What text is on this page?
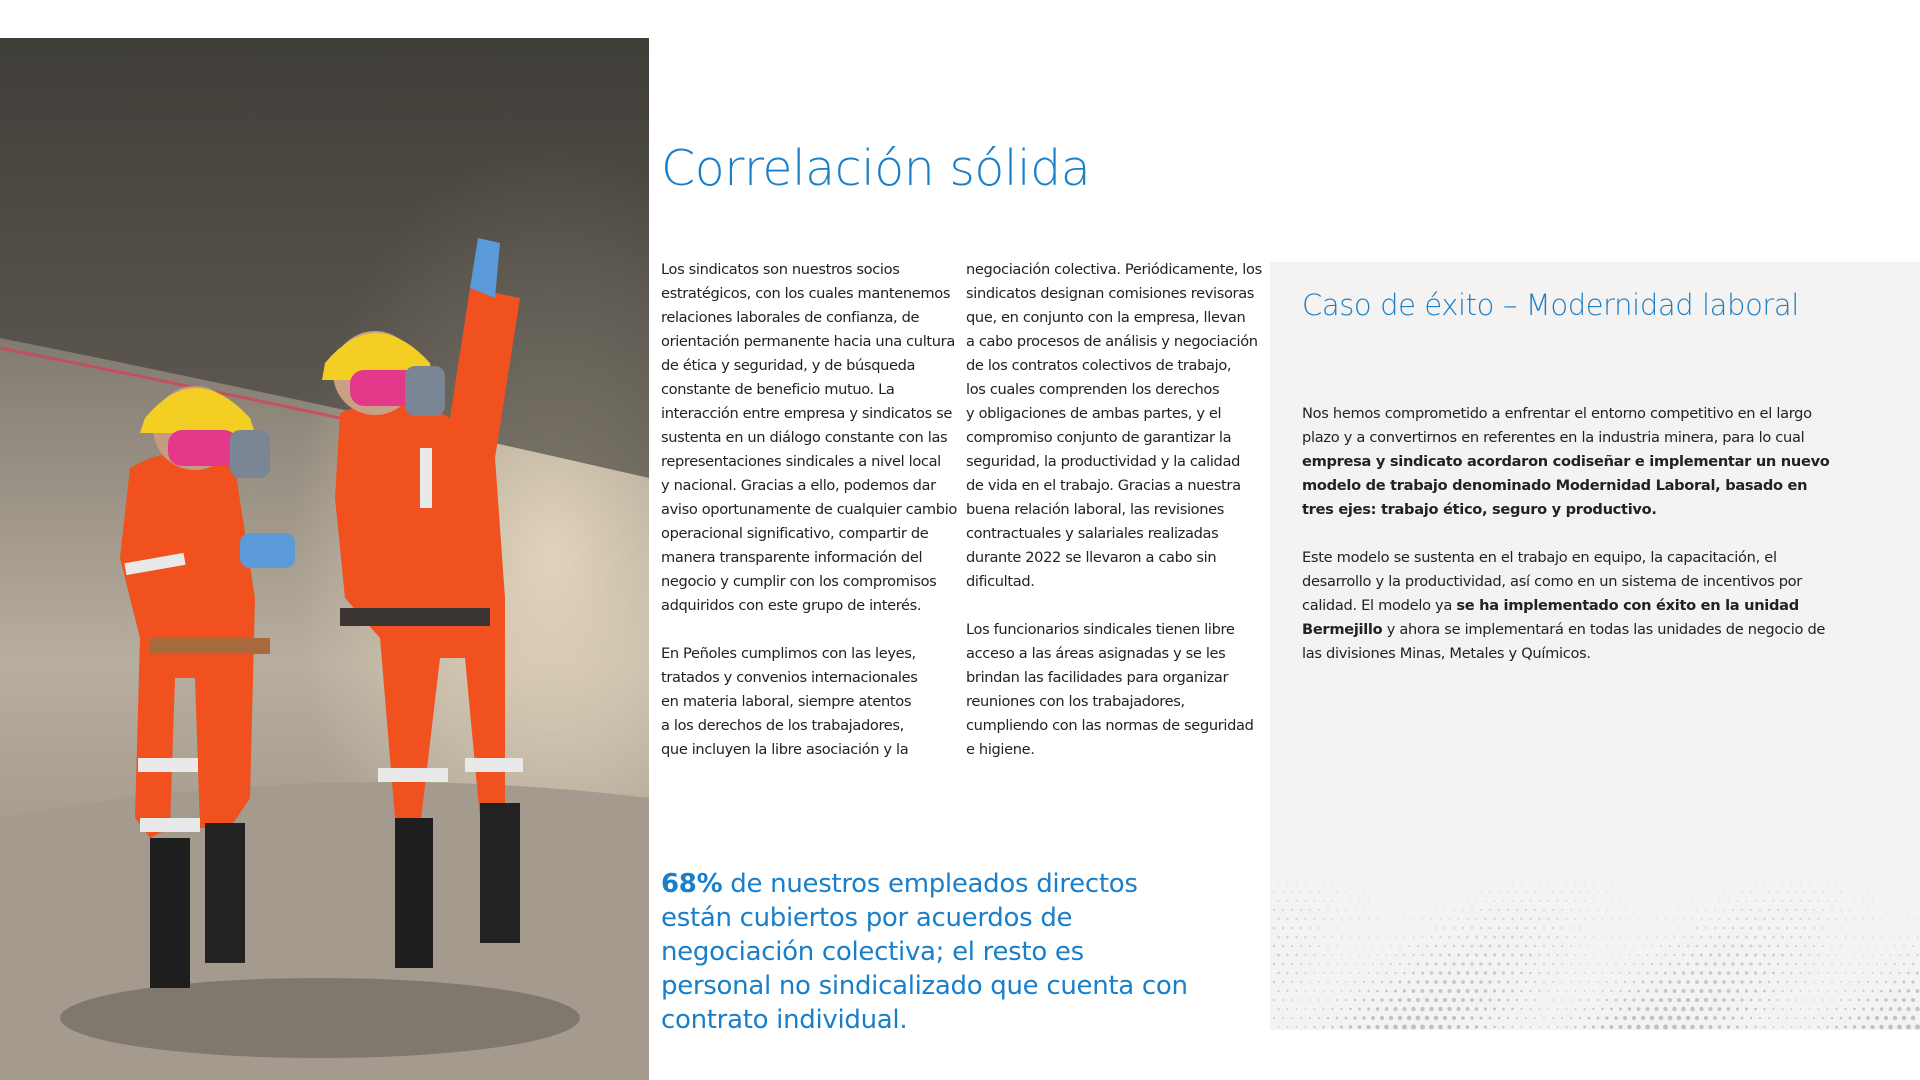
Correlación sólida

Los sindicatos son nuestros socios
estratégicos, con los cuales mantenemos
relaciones laborales de confianza, de
orientación permanente hacia una cultura
de ética y seguridad, y de búsqueda
constante de beneficio mutuo. La
interacción entre empresa y sindicatos se
sustenta en un diálogo constante con las
representaciones sindicales a nivel local
y nacional. Gracias a ello, podemos dar
aviso oportunamente de cualquier cambio
operacional significativo, compartir de
manera transparente información del
negocio y cumplir con los compromisos
adquiridos con este grupo de interés.

En Peñoles cumplimos con las leyes,
tratados y convenios internacionales
en materia laboral, siempre atentos
a los derechos de los trabajadores,
que incluyen la libre asociación y la

negociación colectiva. Periódicamente, los
sindicatos designan comisiones revisoras
que, en conjunto con la empresa, llevan
a cabo procesos de análisis y negociación
de los contratos colectivos de trabajo,
los cuales comprenden los derechos
y obligaciones de ambas partes, y el
compromiso conjunto de garantizar la
seguridad, la productividad y la calidad
de vida en el trabajo. Gracias a nuestra
buena relación laboral, las revisiones
contractuales y salariales realizadas
durante 2022 se llevaron a cabo sin
dificultad.

Los funcionarios sindicales tienen libre
acceso a las áreas asignadas y se les
brindan las facilidades para organizar
reuniones con los trabajadores,
cumpliendo con las normas de seguridad
e higiene.

68% de nuestros empleados directos
están cubiertos por acuerdos de
negociación colectiva; el resto es
personal no sindicalizado que cuenta con
contrato individual.
Caso de éxito – Modernidad laboral

Nos hemos comprometido a enfrentar el entorno competitivo en el largo plazo y a convertirnos en referentes en la industria minera, para lo cual empresa y sindicato acordaron codiseñar e implementar un nuevo modelo de trabajo denominado Modernidad Laboral, basado en tres ejes: trabajo ético, seguro y productivo.

Este modelo se sustenta en el trabajo en equipo, la capacitación, el desarrollo y la productividad, así como en un sistema de incentivos por calidad. El modelo ya se ha implementado con éxito en la unidad Bermejillo y ahora se implementará en todas las unidades de negocio de las divisiones Minas, Metales y Químicos.
